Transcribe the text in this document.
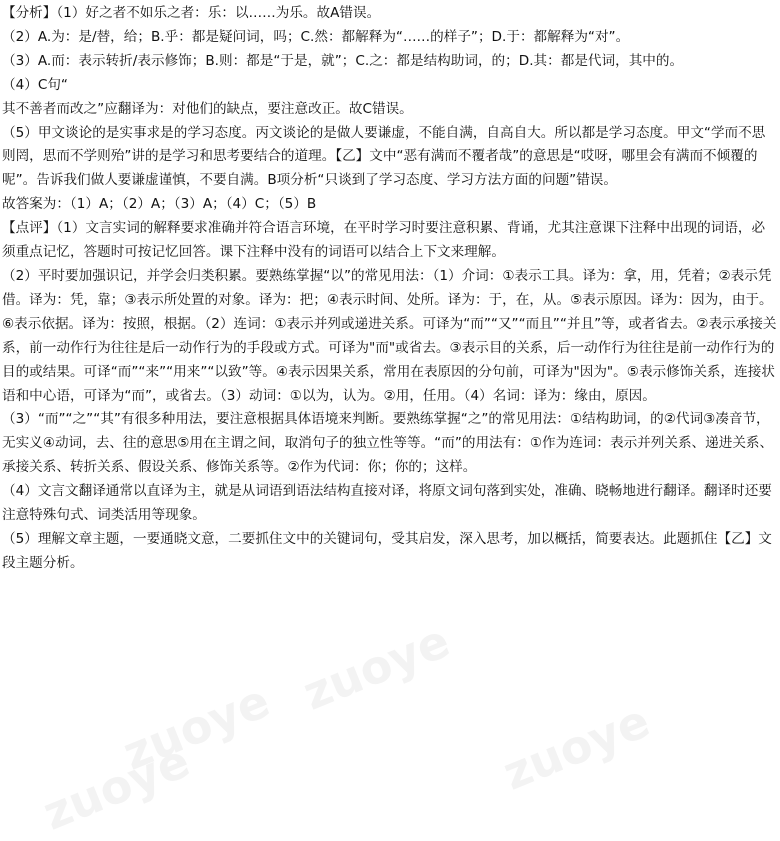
zuoye
zuoye	zuoye
zuoye

【分析】（1）好之者不如乐之者：乐：以……为乐。故A错误。

（2）A.为：是/替，给；B.乎：都是疑问词，吗；C.然：都解释为“……的样子”；D.于：都解释为“对”。

（3）A.而：表示转折/表示修饰；B.则：都是“于是，就”；C.之：都是结构助词，的；D.其：都是代词，其中的。

（4）C句“

其不善者而改之”应翻译为：对他们的缺点，要注意改正。故C错误。

（5）甲文谈论的是实事求是的学习态度。丙文谈论的是做人要谦虚，不能自满，自高自大。所以都是学习态度。甲文“学而不思则罔，思而不学则殆”讲的是学习和思考要结合的道理。【乙】文中“恶有满而不覆者哉”的意思是“哎呀，哪里会有满而不倾覆的呢”。告诉我们做人要谦虚谨慎，不要自满。B项分析“只谈到了学习态度、学习方法方面的问题”错误。

故答案为：（1）A；（2）A；（3）A；（4）C；（5）B

【点评】（1）文言实词的解释要求准确并符合语言环境，在平时学习时要注意积累、背诵，尤其注意课下注释中出现的词语，必须重点记忆，答题时可按记忆回答。课下注释中没有的词语可以结合上下文来理解。

（2）平时要加强识记，并学会归类积累。要熟练掌握“以”的常见用法：（1）介词：①表示工具。译为：拿，用，凭着；②表示凭借。译为：凭，靠；③表示所处置的对象。译为：把；④表示时间、处所。译为：于，在，从。⑤表示原因。译为：因为，由于。⑥表示依据。译为：按照，根据。（2）连词：①表示并列或递进关系。可译为“而”“又”“而且”“并且”等，或者省去。②表示承接关系，前一动作行为往往是后一动作行为的手段或方式。可译为"而"或省去。③表示目的关系，后一动作行为往往是前一动作行为的目的或结果。可译“而”“来”“用来”“以致”等。④表示因果关系，常用在表原因的分句前，可译为"因为"。⑤表示修饰关系，连接状语和中心语，可译为“而”，或省去。（3）动词：①以为，认为。②用，任用。（4）名词：译为：缘由，原因。

（3）“而”“之”“其”有很多种用法，要注意根据具体语境来判断。要熟练掌握“之”的常见用法：①结构助词，的②代词③凑音节，无实义④动词，去、往的意思⑤用在主谓之间，取消句子的独立性等等。“而”的用法有：①作为连词：表示并列关系、递进关系、承接关系、转折关系、假设关系、修饰关系等。②作为代词：你；你的；这样。

（4）文言文翻译通常以直译为主，就是从词语到语法结构直接对译，将原文词句落到实处，准确、晓畅地进行翻译。翻译时还要注意特殊句式、词类活用等现象。

（5）理解文章主题，一要通晓文意，二要抓住文中的关键词句，受其启发，深入思考，加以概括，简要表达。此题抓住【乙】文段主题分析。
